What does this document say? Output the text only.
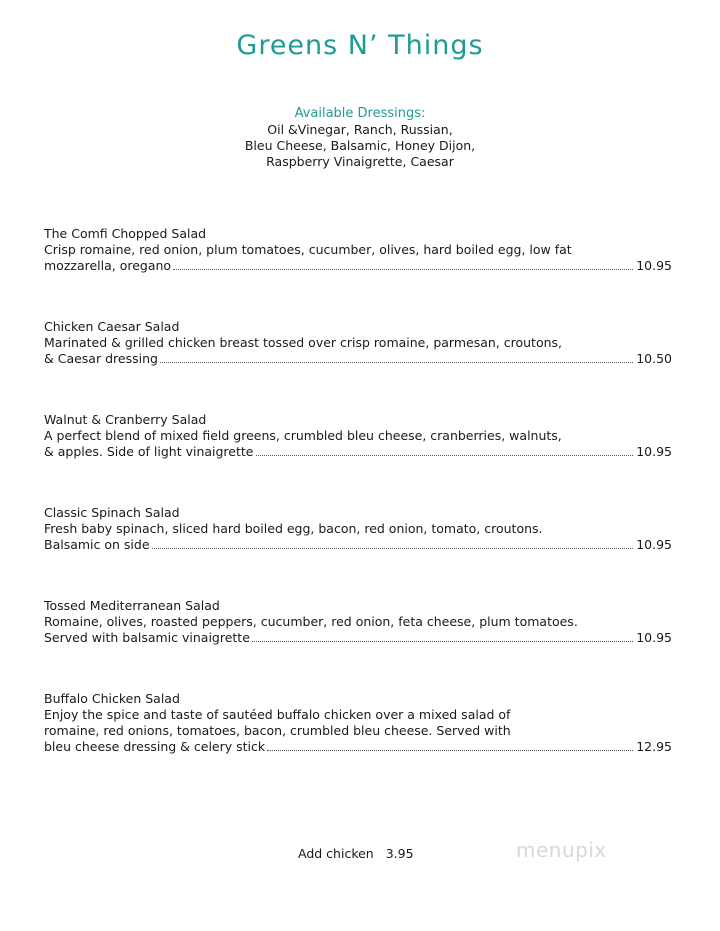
Greens N’ Things
Available Dressings:
Oil &Vinegar, Ranch, Russian,
Bleu Cheese, Balsamic, Honey Dijon,
Raspberry Vinaigrette, Caesar
The Comfi Chopped Salad
Crisp romaine, red onion, plum tomatoes, cucumber, olives, hard boiled egg, low fat
mozzarella, oregano	10.95
Chicken Caesar Salad
Marinated & grilled chicken breast tossed over crisp romaine, parmesan, croutons,
& Caesar dressing	10.50
Walnut & Cranberry Salad
A perfect blend of mixed field greens, crumbled bleu cheese, cranberries, walnuts,
& apples. Side of light vinaigrette	10.95
Classic Spinach Salad
Fresh baby spinach, sliced hard boiled egg, bacon, red onion, tomato, croutons.
Balsamic on side	10.95
Tossed Mediterranean Salad
Romaine, olives, roasted peppers, cucumber, red onion, feta cheese, plum tomatoes.
Served with balsamic vinaigrette	10.95
Buffalo Chicken Salad
Enjoy the spice and taste of sautéed buffalo chicken over a mixed salad of
romaine, red onions, tomatoes, bacon, crumbled bleu cheese. Served with
bleu cheese dressing & celery stick	12.95
Add chicken 3.95	menupix
